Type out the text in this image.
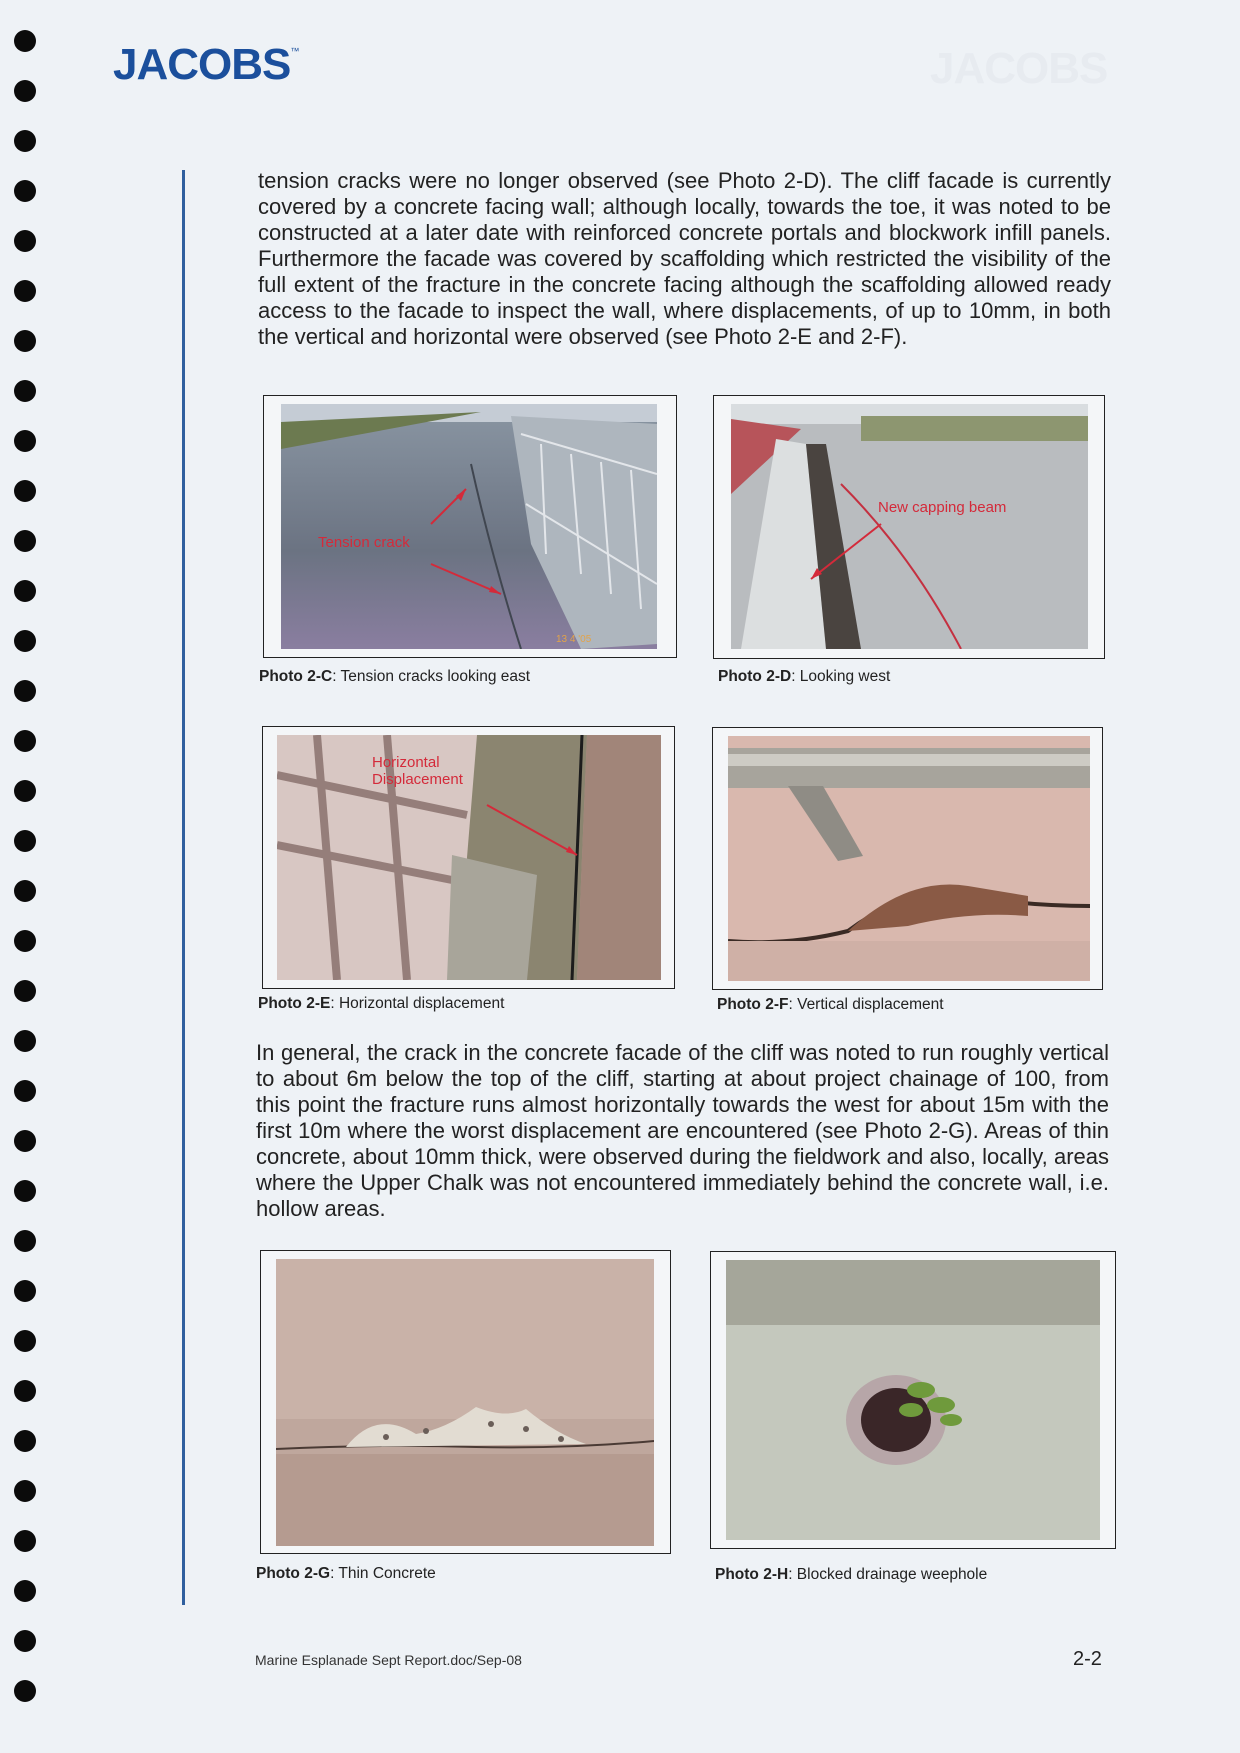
JACOBS
JACOBS™

tension cracks were no longer observed (see Photo 2-D). The cliff facade is currently covered by a concrete facing wall; although locally, towards the toe, it was noted to be constructed at a later date with reinforced concrete portals and blockwork infill panels. Furthermore the facade was covered by scaffolding which restricted the visibility of the full extent of the fracture in the concrete facing although the scaffolding allowed ready access to the facade to inspect the wall, where displacements, of up to 10mm, in both the vertical and horizontal were observed (see Photo 2-E and 2-F).

Tension crack
13 4 '05
Photo 2-C: Tension cracks looking east
New capping beam
Photo 2-D: Looking west
Horizontal
Displacement
Photo 2-E: Horizontal displacement	Photo 2-F: Vertical displacement

In general, the crack in the concrete facade of the cliff was noted to run roughly vertical to about 6m below the top of the cliff, starting at about project chainage of 100, from this point the fracture runs almost horizontally towards the west for about 15m with the first 10m where the worst displacement are encountered (see Photo 2-G). Areas of thin concrete, about 10mm thick, were observed during the fieldwork and also, locally, areas where the Upper Chalk was not encountered immediately behind the concrete wall, i.e. hollow areas.

Photo 2-G: Thin Concrete	Photo 2-H: Blocked drainage weephole
Marine Esplanade Sept Report.doc/Sep-08	2-2
